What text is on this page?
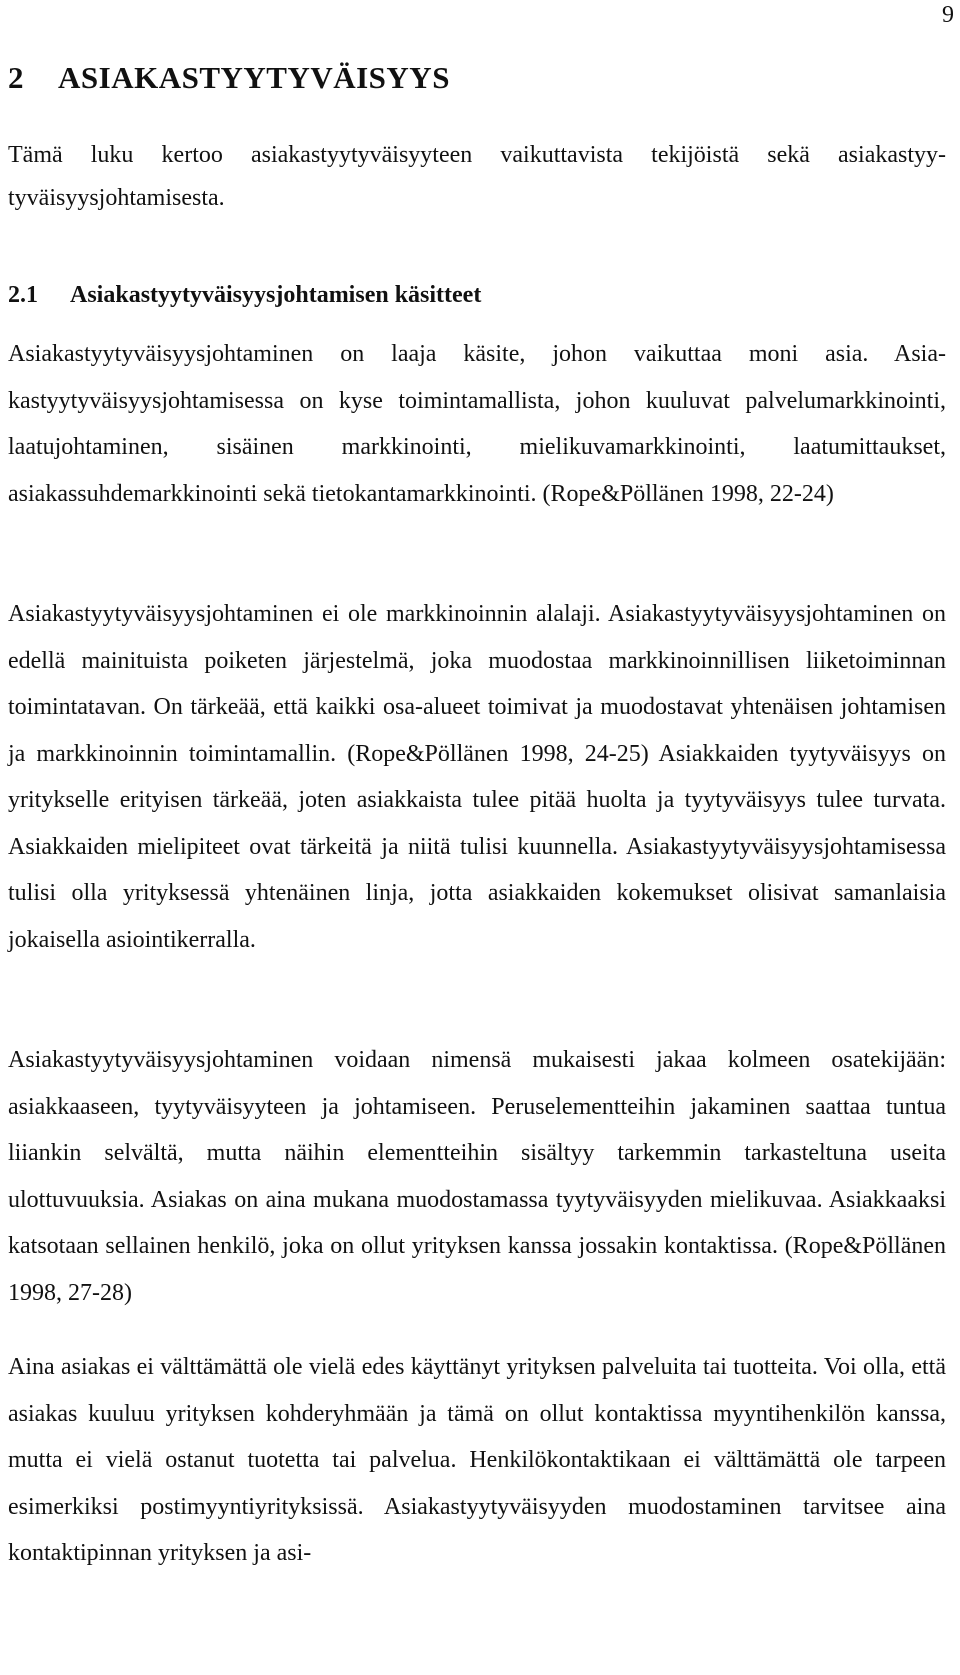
9
2 ASIAKASTYYTYVÄISYYS

Tämä luku kertoo asiakastyytyväisyyteen vaikuttavista tekijöistä sekä asiakastyytyväisyysjohtamisesta.

2.1 Asiakastyytyväisyysjohtamisen käsitteet

Asiakastyytyväisyysjohtaminen on laaja käsite, johon vaikuttaa moni asia. Asiakastyytyväisyysjohtamisessa on kyse toimintamallista, johon kuuluvat palvelumarkkinointi, laatujohtaminen, sisäinen markkinointi, mielikuvamarkkinointi, laatumittaukset, asiakassuhdemarkkinointi sekä tietokantamarkkinointi. (Rope&Pöllänen 1998, 22-24)

Asiakastyytyväisyysjohtaminen ei ole markkinoinnin alalaji. Asiakastyytyväisyysjohtaminen on edellä mainituista poiketen järjestelmä, joka muodostaa markkinoinnillisen liiketoiminnan toimintatavan. On tärkeää, että kaikki osa-alueet toimivat ja muodostavat yhtenäisen johtamisen ja markkinoinnin toimintamallin. (Rope&Pöllänen 1998, 24-25) Asiakkaiden tyytyväisyys on yritykselle erityisen tärkeää, joten asiakkaista tulee pitää huolta ja tyytyväisyys tulee turvata. Asiakkaiden mielipiteet ovat tärkeitä ja niitä tulisi kuunnella. Asiakastyytyväisyysjohtamisessa tulisi olla yrityksessä yhtenäinen linja, jotta asiakkaiden kokemukset olisivat samanlaisia jokaisella asiointikerralla.

Asiakastyytyväisyysjohtaminen voidaan nimensä mukaisesti jakaa kolmeen osatekijään: asiakkaaseen, tyytyväisyyteen ja johtamiseen. Peruselementteihin jakaminen saattaa tuntua liiankin selvältä, mutta näihin elementteihin sisältyy tarkemmin tarkasteltuna useita ulottuvuuksia. Asiakas on aina mukana muodostamassa tyytyväisyyden mielikuvaa. Asiakkaaksi katsotaan sellainen henkilö, joka on ollut yrityksen kanssa jossakin kontaktissa. (Rope&Pöllänen 1998, 27-28)

Aina asiakas ei välttämättä ole vielä edes käyttänyt yrityksen palveluita tai tuotteita. Voi olla, että asiakas kuuluu yrityksen kohderyhmään ja tämä on ollut kontaktissa myyntihenkilön kanssa, mutta ei vielä ostanut tuotetta tai palvelua. Henkilökontaktikaan ei välttämättä ole tarpeen esimerkiksi postimyyntiyrityksissä. Asiakastyytyväisyyden muodostaminen tarvitsee aina kontaktipinnan yrityksen ja asi-
